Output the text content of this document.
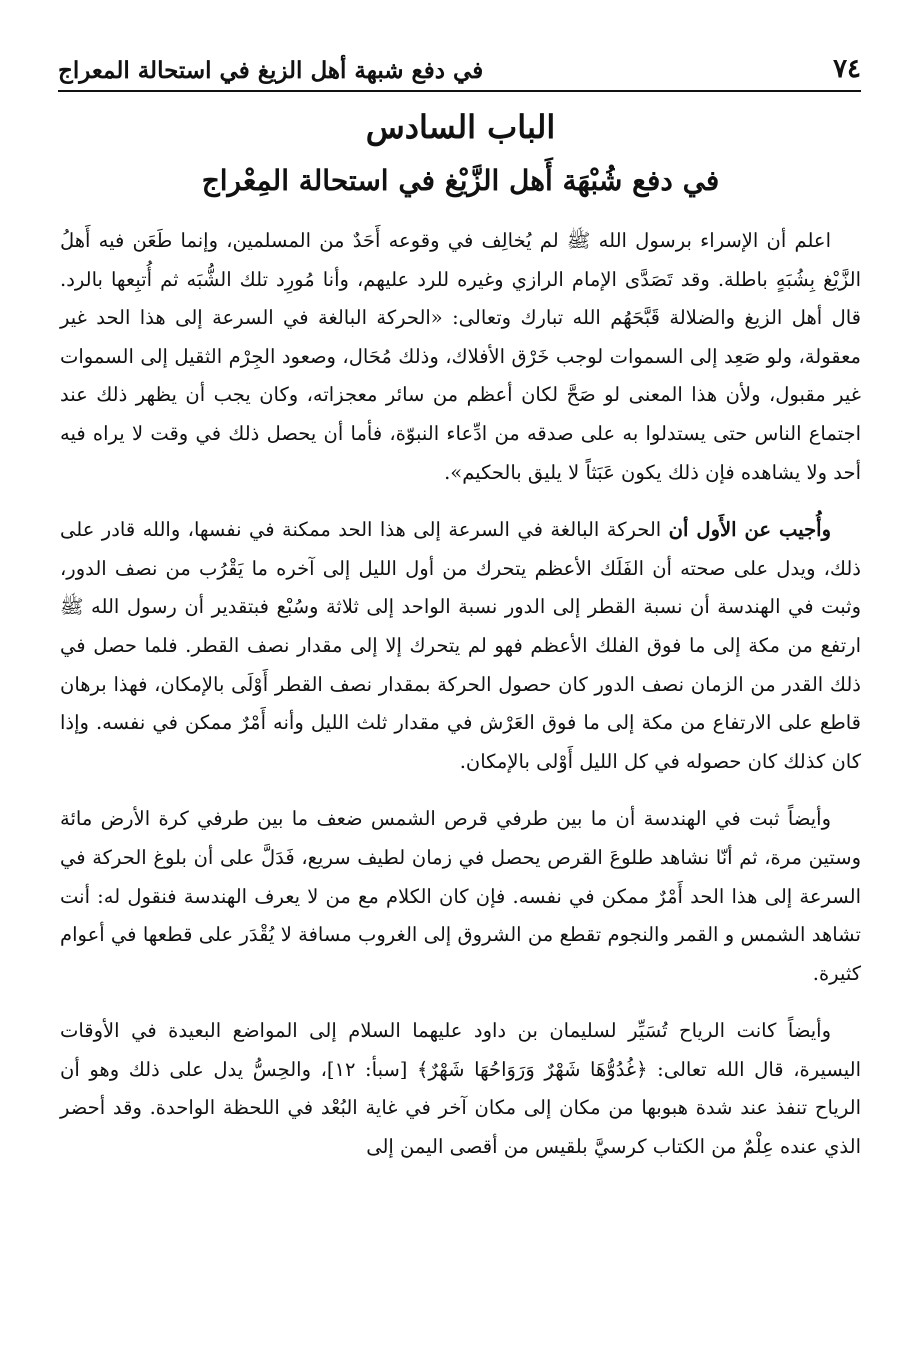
٧٤
في دفع شبهة أهل الزيغ في استحالة المعراج
الباب السادس
في دفع شُبْهَة أَهل الزَّيْغ في استحالة المِعْراج

اعلم أن الإسراء برسول الله ﷺ لم يُخالِف في وقوعه أَحَدٌ من المسلمين، وإنما طَعَن فيه أَهلُ الزَّيْغ بِشُبَهٍ باطلة. وقد تَصَدَّى الإمام الرازي وغيره للرد عليهم، وأنا مُورِد تلك الشُّبَه ثم أُتبِعها بالرد. قال أهل الزيغ والضلالة قَبَّحَهُم الله تبارك وتعالى: «الحركة البالغة في السرعة إلى هذا الحد غير معقولة، ولو صَعِد إلى السموات لوجب خَرْق الأفلاك، وذلك مُحَال، وصعود الجِرْم الثقيل إلى السموات غير مقبول، ولأن هذا المعنى لو صَحَّ لكان أعظم من سائر معجزاته، وكان يجب أن يظهر ذلك عند اجتماع الناس حتى يستدلوا به على صدقه من ادِّعاء النبوّة، فأما أن يحصل ذلك في وقت لا يراه فيه أحد ولا يشاهده فإن ذلك يكون عَبَثاً لا يليق بالحكيم».

وأُجيب عن الأَول أن الحركة البالغة في السرعة إلى هذا الحد ممكنة في نفسها، والله قادر على ذلك، ويدل على صحته أن الفَلَك الأعظم يتحرك من أول الليل إلى آخره ما يَقْرُب من نصف الدور، وثبت في الهندسة أن نسبة القطر إلى الدور نسبة الواحد إلى ثلاثة وسُبْع فبتقدير أن رسول الله ﷺ ارتفع من مكة إلى ما فوق الفلك الأعظم فهو لم يتحرك إلا إلى مقدار نصف القطر. فلما حصل في ذلك القدر من الزمان نصف الدور كان حصول الحركة بمقدار نصف القطر أَوْلَى بالإمكان، فهذا برهان قاطع على الارتفاع من مكة إلى ما فوق العَرْش في مقدار ثلث الليل وأنه أَمْرٌ ممكن في نفسه. وإذا كان كذلك كان حصوله في كل الليل أَوْلى بالإمكان.

وأيضاً ثبت في الهندسة أن ما بين طرفي قرص الشمس ضعف ما بين طرفي كرة الأرض مائة وستين مرة، ثم أنّا نشاهد طلوعَ القرص يحصل في زمان لطيف سريع، فَدَلَّ على أن بلوغ الحركة في السرعة إلى هذا الحد أَمْرٌ ممكن في نفسه. فإن كان الكلام مع من لا يعرف الهندسة فنقول له: أنت تشاهد الشمس و القمر والنجوم تقطع من الشروق إلى الغروب مسافة لا يُقْدَر على قطعها في أعوام كثيرة.

وأيضاً كانت الرياح تُسَيِّر لسليمان بن داود عليهما السلام إلى المواضع البعيدة في الأوقات اليسيرة، قال الله تعالى: ﴿غُدُوُّهَا شَهْرٌ وَرَوَاحُهَا شَهْرٌ﴾ [سبأ: ١٢]، والحِسُّ يدل على ذلك وهو أن الرياح تنفذ عند شدة هبوبها من مكان إلى مكان آخر في غاية البُعْد في اللحظة الواحدة. وقد أحضر الذي عنده عِلْمٌ من الكتاب كرسيَّ بلقيس من أقصى اليمن إلى
